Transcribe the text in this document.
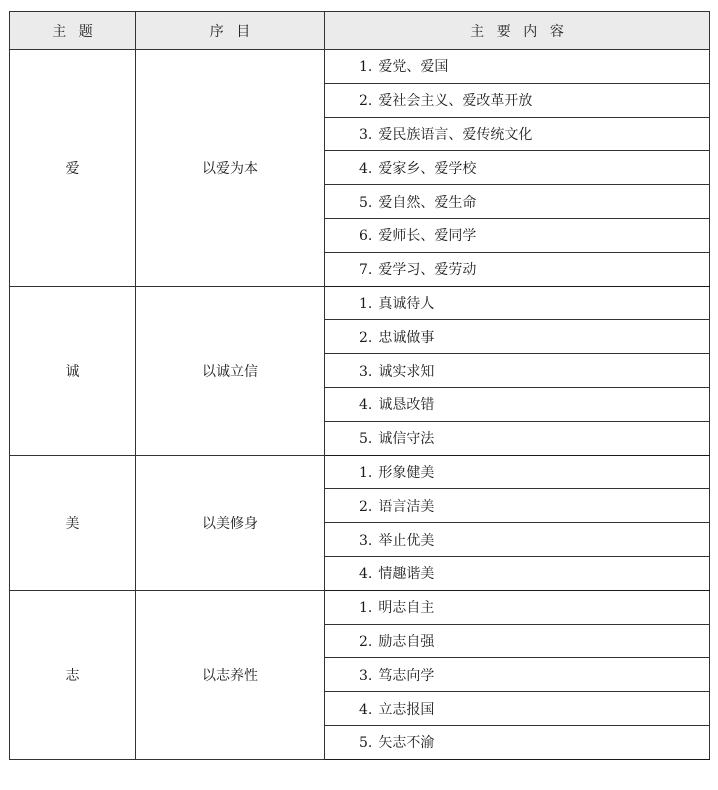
主题	序目	主要内容
爱	以爱为本	1. 爱党、爱国
		2. 爱社会主义、爱改革开放
		3. 爱民族语言、爱传统文化
		4. 爱家乡、爱学校
		5. 爱自然、爱生命
		6. 爱师长、爱同学
		7. 爱学习、爱劳动
诚	以诚立信	1. 真诚待人
		2. 忠诚做事
		3. 诚实求知
		4. 诚恳改错
		5. 诚信守法
美	以美修身	1. 形象健美
		2. 语言洁美
		3. 举止优美
		4. 情趣谐美
志	以志养性	1. 明志自主
		2. 励志自强
		3. 笃志向学
		4. 立志报国
		5. 矢志不渝
